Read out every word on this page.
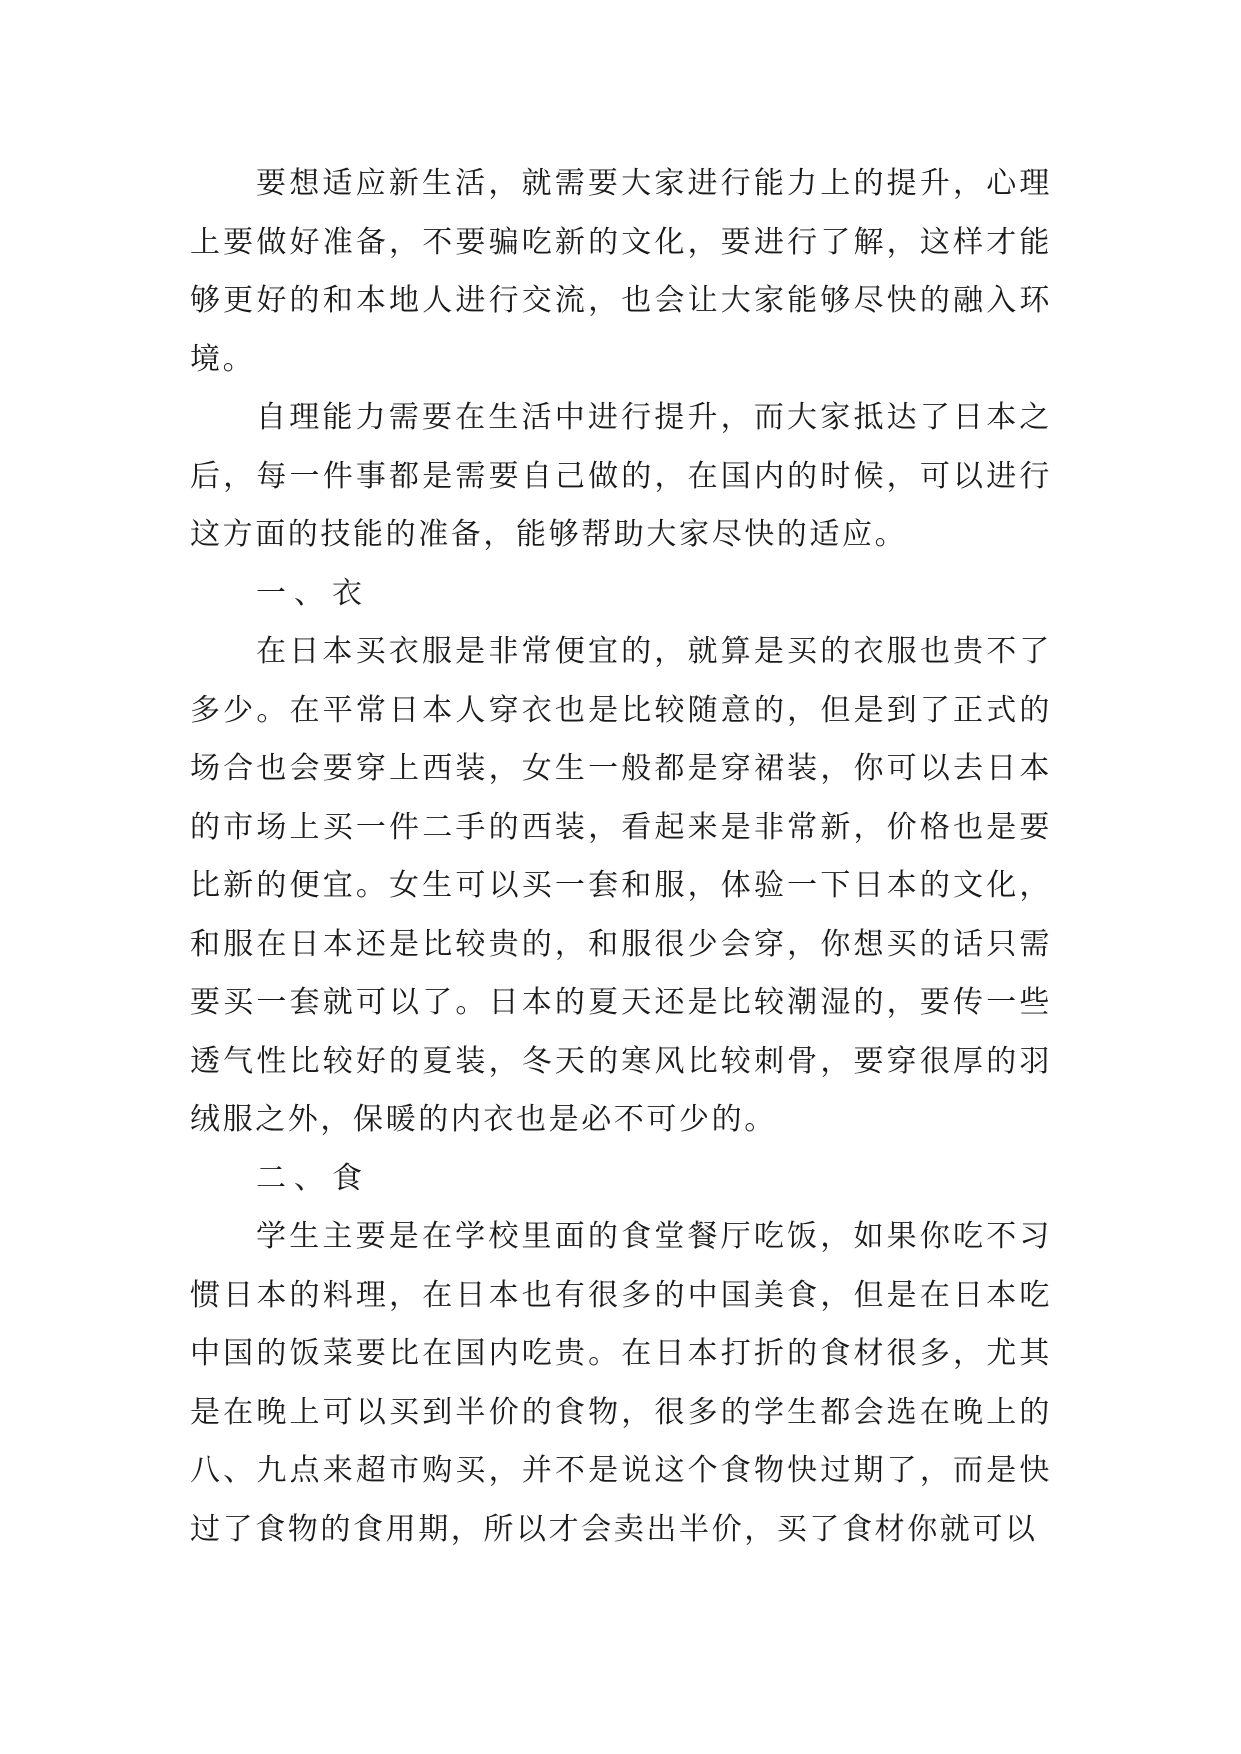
要想适应新生活，就需要大家进行能力上的提升，心理上要做好准备，不要骗吃新的文化，要进行了解，这样才能够更好的和本地人进行交流，也会让大家能够尽快的融入环境。

自理能力需要在生活中进行提升，而大家抵达了日本之后，每一件事都是需要自己做的，在国内的时候，可以进行这方面的技能的准备，能够帮助大家尽快的适应。

一、衣

在日本买衣服是非常便宜的，就算是买的衣服也贵不了多少。在平常日本人穿衣也是比较随意的，但是到了正式的场合也会要穿上西装，女生一般都是穿裙装，你可以去日本的市场上买一件二手的西装，看起来是非常新，价格也是要比新的便宜。女生可以买一套和服，体验一下日本的文化，和服在日本还是比较贵的，和服很少会穿，你想买的话只需要买一套就可以了。日本的夏天还是比较潮湿的，要传一些透气性比较好的夏装，冬天的寒风比较刺骨，要穿很厚的羽绒服之外，保暖的内衣也是必不可少的。

二、食

学生主要是在学校里面的食堂餐厅吃饭，如果你吃不习惯日本的料理，在日本也有很多的中国美食，但是在日本吃中国的饭菜要比在国内吃贵。在日本打折的食材很多，尤其是在晚上可以买到半价的食物，很多的学生都会选在晚上的八、九点来超市购买，并不是说这个食物快过期了，而是快过了食物的食用期，所以才会卖出半价，买了食材你就可以
